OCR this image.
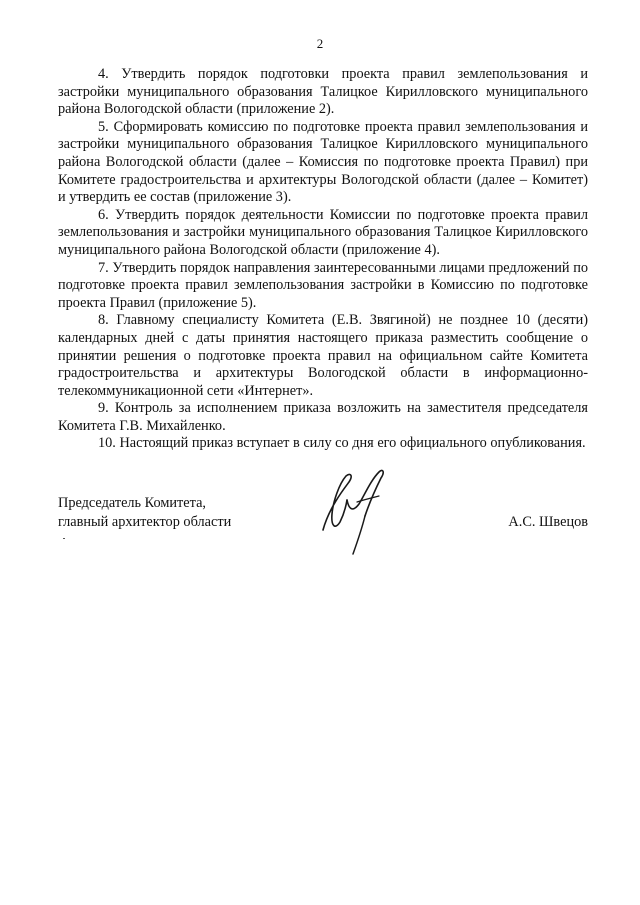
2

4. Утвердить порядок подготовки проекта правил землепользования и застройки муниципального образования Талицкое Кирилловского муниципального района Вологодской области (приложение 2).

5. Сформировать комиссию по подготовке проекта правил землепользования и застройки муниципального образования Талицкое Кирилловского муниципального района Вологодской области (далее – Комиссия по подготовке проекта Правил) при Комитете градостроительства и архитектуры Вологодской области (далее – Комитет) и утвердить ее состав (приложение 3).

6. Утвердить порядок деятельности Комиссии по подготовке проекта правил землепользования и застройки муниципального образования Талицкое Кирилловского муниципального района Вологодской области (приложение 4).

7. Утвердить порядок направления заинтересованными лицами предложений по подготовке проекта правил землепользования застройки в Комиссию по подготовке проекта Правил (приложение 5).

8. Главному специалисту Комитета (Е.В. Звягиной) не позднее 10 (десяти) календарных дней с даты принятия настоящего приказа разместить сообщение о принятии решения о подготовке проекта правил на официальном сайте Комитета градостроительства и архитектуры Вологодской области в информационно-телекоммуникационной сети «Интернет».

9. Контроль за исполнением приказа возложить на заместителя председателя Комитета Г.В. Михайленко.

10. Настоящий приказ вступает в силу со дня его официального опубликования.

Председатель Комитета,
главный архитектор области	А.С. Швецов
